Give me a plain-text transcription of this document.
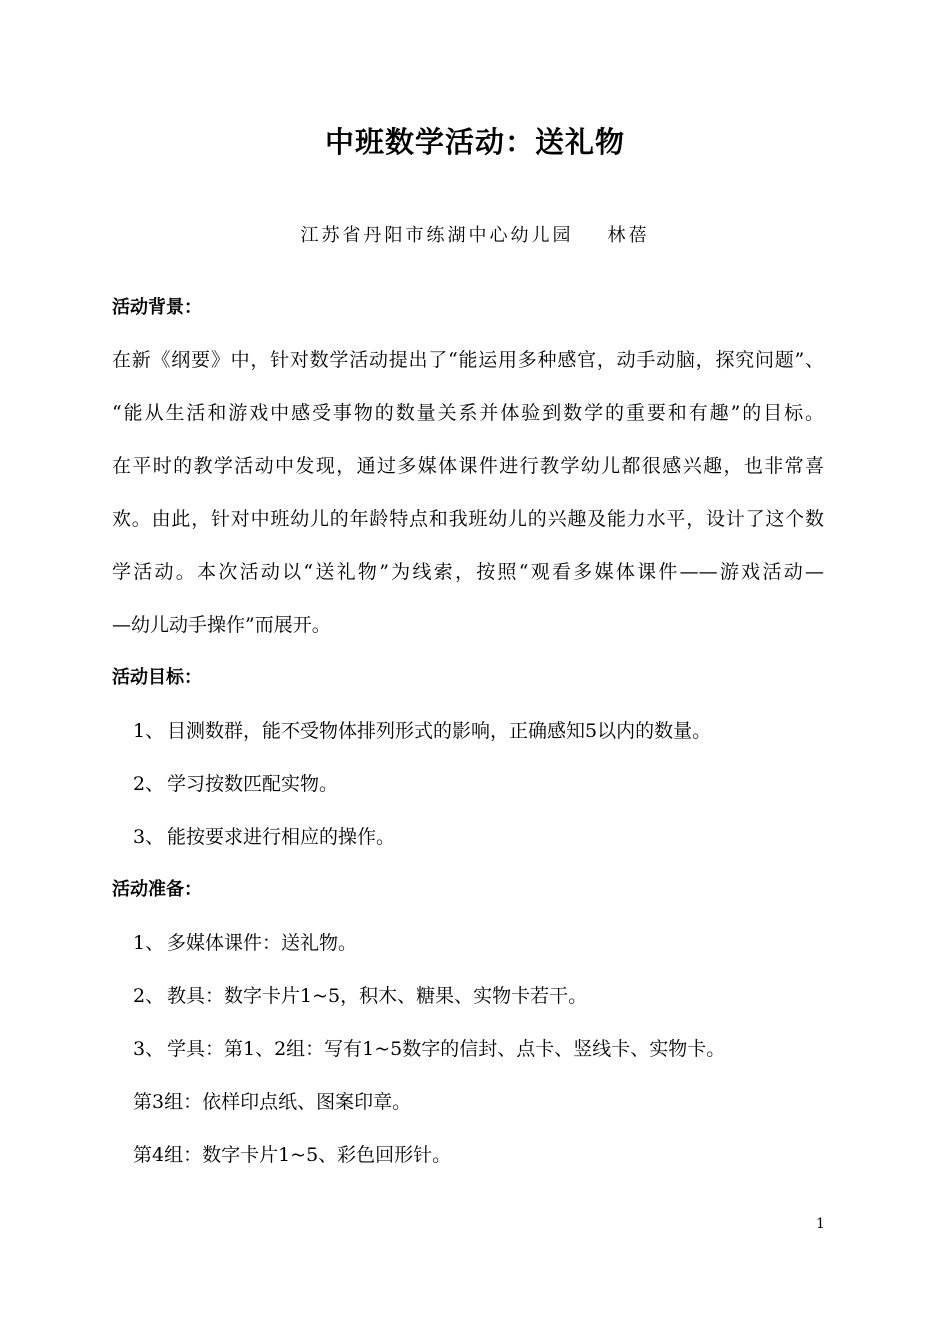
中班数学活动：送礼物
江苏省丹阳市练湖中心幼儿园 林蓓
活动背景：
在新《纲要》中，针对数学活动提出了“能运用多种感官，动手动脑，探究问题”、
“能从生活和游戏中感受事物的数量关系并体验到数学的重要和有趣”的目标。
在平时的教学活动中发现，通过多媒体课件进行教学幼儿都很感兴趣，也非常喜
欢。由此，针对中班幼儿的年龄特点和我班幼儿的兴趣及能力水平，设计了这个数
学活动。本次活动以“送礼物”为线索，按照“观看多媒体课件——游戏活动—
—幼儿动手操作”而展开。
活动目标：
1、 目测数群，能不受物体排列形式的影响，正确感知5以内的数量。
2、 学习按数匹配实物。
3、 能按要求进行相应的操作。
活动准备：
1、 多媒体课件：送礼物。
2、 教具：数字卡片1~5，积木、糖果、实物卡若干。
3、 学具：第1、2组：写有1~5数字的信封、点卡、竖线卡、实物卡。
第3组：依样印点纸、图案印章。
第4组：数字卡片1~5、彩色回形针。
1
